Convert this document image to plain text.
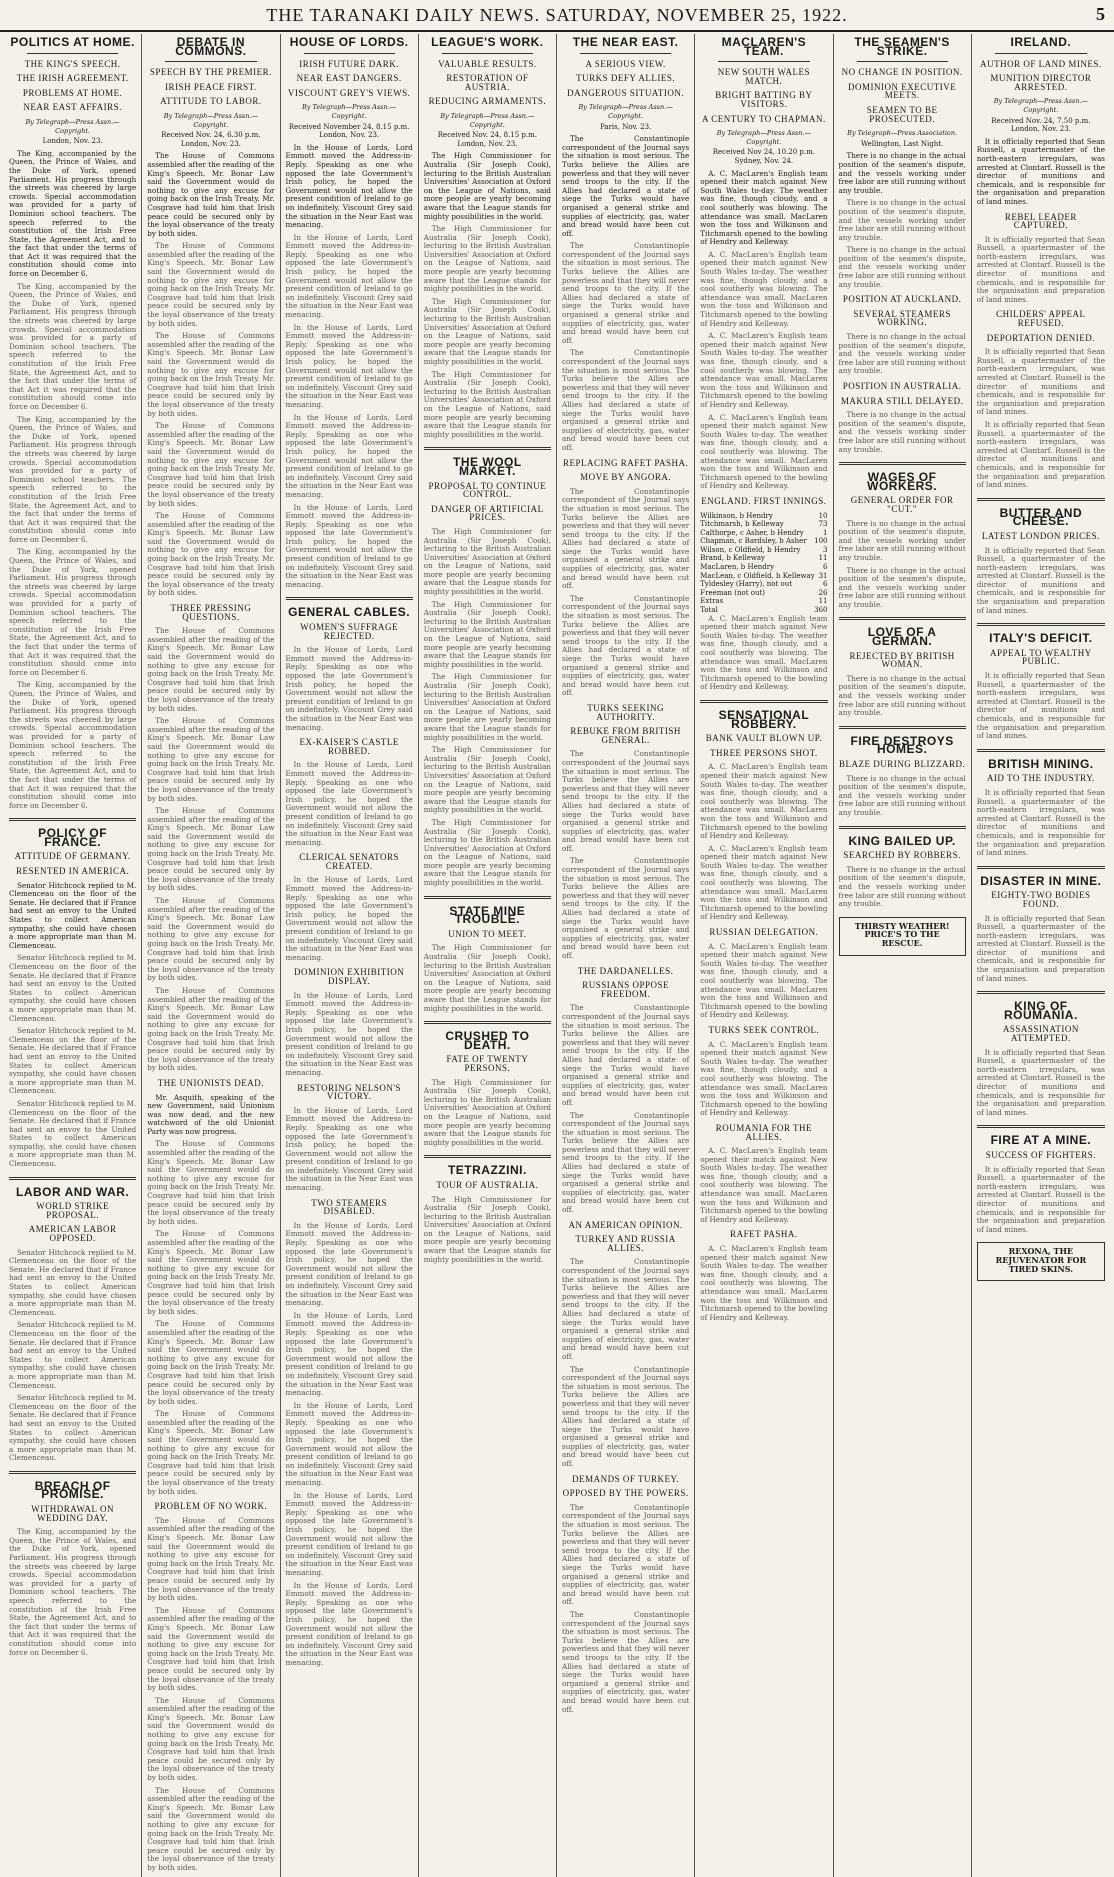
THE TARANAKI DAILY NEWS. SATURDAY, NOVEMBER 25, 1922.	5
POLITICS AT HOME.
THE KING'S SPEECH.
THE IRISH AGREEMENT.
PROBLEMS AT HOME.
NEAR EAST AFFAIRS.
By Telegraph—Press Assn.—Copyright.
London, Nov. 23.

The King, accompanied by the Queen, the Prince of Wales, and the Duke of York, opened Parliament. His progress through the streets was cheered by large crowds. Special accommodation was provided for a party of Dominion school teachers. The speech referred to the constitution of the Irish Free State, the Agreement Act, and to the fact that under the terms of that Act it was required that the constitution should come into force on December 6.

The King, accompanied by the Queen, the Prince of Wales, and the Duke of York, opened Parliament. His progress through the streets was cheered by large crowds. Special accommodation was provided for a party of Dominion school teachers. The speech referred to the constitution of the Irish Free State, the Agreement Act, and to the fact that under the terms of that Act it was required that the constitution should come into force on December 6.

The King, accompanied by the Queen, the Prince of Wales, and the Duke of York, opened Parliament. His progress through the streets was cheered by large crowds. Special accommodation was provided for a party of Dominion school teachers. The speech referred to the constitution of the Irish Free State, the Agreement Act, and to the fact that under the terms of that Act it was required that the constitution should come into force on December 6.

The King, accompanied by the Queen, the Prince of Wales, and the Duke of York, opened Parliament. His progress through the streets was cheered by large crowds. Special accommodation was provided for a party of Dominion school teachers. The speech referred to the constitution of the Irish Free State, the Agreement Act, and to the fact that under the terms of that Act it was required that the constitution should come into force on December 6.

The King, accompanied by the Queen, the Prince of Wales, and the Duke of York, opened Parliament. His progress through the streets was cheered by large crowds. Special accommodation was provided for a party of Dominion school teachers. The speech referred to the constitution of the Irish Free State, the Agreement Act, and to the fact that under the terms of that Act it was required that the constitution should come into force on December 6.

POLICY OF FRANCE.
ATTITUDE OF GERMANY.
RESENTED IN AMERICA.

Senator Hitchcock replied to M. Clemenceau on the floor of the Senate. He declared that if France had sent an envoy to the United States to collect American sympathy, she could have chosen a more appropriate man than M. Clemenceau.

Senator Hitchcock replied to M. Clemenceau on the floor of the Senate. He declared that if France had sent an envoy to the United States to collect American sympathy, she could have chosen a more appropriate man than M. Clemenceau.

Senator Hitchcock replied to M. Clemenceau on the floor of the Senate. He declared that if France had sent an envoy to the United States to collect American sympathy, she could have chosen a more appropriate man than M. Clemenceau.

Senator Hitchcock replied to M. Clemenceau on the floor of the Senate. He declared that if France had sent an envoy to the United States to collect American sympathy, she could have chosen a more appropriate man than M. Clemenceau.

LABOR AND WAR.
WORLD STRIKE PROPOSAL.
AMERICAN LABOR OPPOSED.

Senator Hitchcock replied to M. Clemenceau on the floor of the Senate. He declared that if France had sent an envoy to the United States to collect American sympathy, she could have chosen a more appropriate man than M. Clemenceau.

Senator Hitchcock replied to M. Clemenceau on the floor of the Senate. He declared that if France had sent an envoy to the United States to collect American sympathy, she could have chosen a more appropriate man than M. Clemenceau.

Senator Hitchcock replied to M. Clemenceau on the floor of the Senate. He declared that if France had sent an envoy to the United States to collect American sympathy, she could have chosen a more appropriate man than M. Clemenceau.

BREACH OF PROMISE.
WITHDRAWAL ON WEDDING DAY.

The King, accompanied by the Queen, the Prince of Wales, and the Duke of York, opened Parliament. His progress through the streets was cheered by large crowds. Special accommodation was provided for a party of Dominion school teachers. The speech referred to the constitution of the Irish Free State, the Agreement Act, and to the fact that under the terms of that Act it was required that the constitution should come into force on December 6.

DEBATE IN COMMONS.
SPEECH BY THE PREMIER.
IRISH PEACE FIRST.
ATTITUDE TO LABOR.
By Telegraph—Press Assn.—Copyright.
Received Nov. 24, 6.30 p.m. London, Nov. 23.

The House of Commons assembled after the reading of the King's Speech. Mr. Bonar Law said the Government would do nothing to give any excuse for going back on the Irish Treaty. Mr. Cosgrave had told him that Irish peace could be secured only by the loyal observance of the treaty by both sides.

The House of Commons assembled after the reading of the King's Speech. Mr. Bonar Law said the Government would do nothing to give any excuse for going back on the Irish Treaty. Mr. Cosgrave had told him that Irish peace could be secured only by the loyal observance of the treaty by both sides.

The House of Commons assembled after the reading of the King's Speech. Mr. Bonar Law said the Government would do nothing to give any excuse for going back on the Irish Treaty. Mr. Cosgrave had told him that Irish peace could be secured only by the loyal observance of the treaty by both sides.

The House of Commons assembled after the reading of the King's Speech. Mr. Bonar Law said the Government would do nothing to give any excuse for going back on the Irish Treaty. Mr. Cosgrave had told him that Irish peace could be secured only by the loyal observance of the treaty by both sides.

The House of Commons assembled after the reading of the King's Speech. Mr. Bonar Law said the Government would do nothing to give any excuse for going back on the Irish Treaty. Mr. Cosgrave had told him that Irish peace could be secured only by the loyal observance of the treaty by both sides.

THREE PRESSING QUESTIONS.

The House of Commons assembled after the reading of the King's Speech. Mr. Bonar Law said the Government would do nothing to give any excuse for going back on the Irish Treaty. Mr. Cosgrave had told him that Irish peace could be secured only by the loyal observance of the treaty by both sides.

The House of Commons assembled after the reading of the King's Speech. Mr. Bonar Law said the Government would do nothing to give any excuse for going back on the Irish Treaty. Mr. Cosgrave had told him that Irish peace could be secured only by the loyal observance of the treaty by both sides.

The House of Commons assembled after the reading of the King's Speech. Mr. Bonar Law said the Government would do nothing to give any excuse for going back on the Irish Treaty. Mr. Cosgrave had told him that Irish peace could be secured only by the loyal observance of the treaty by both sides.

The House of Commons assembled after the reading of the King's Speech. Mr. Bonar Law said the Government would do nothing to give any excuse for going back on the Irish Treaty. Mr. Cosgrave had told him that Irish peace could be secured only by the loyal observance of the treaty by both sides.

The House of Commons assembled after the reading of the King's Speech. Mr. Bonar Law said the Government would do nothing to give any excuse for going back on the Irish Treaty. Mr. Cosgrave had told him that Irish peace could be secured only by the loyal observance of the treaty by both sides.

THE UNIONISTS DEAD.

Mr. Asquith, speaking of the new Government, said Unionism was now dead, and the new watchword of the old Unionist Party was now progress.

The House of Commons assembled after the reading of the King's Speech. Mr. Bonar Law said the Government would do nothing to give any excuse for going back on the Irish Treaty. Mr. Cosgrave had told him that Irish peace could be secured only by the loyal observance of the treaty by both sides.

The House of Commons assembled after the reading of the King's Speech. Mr. Bonar Law said the Government would do nothing to give any excuse for going back on the Irish Treaty. Mr. Cosgrave had told him that Irish peace could be secured only by the loyal observance of the treaty by both sides.

The House of Commons assembled after the reading of the King's Speech. Mr. Bonar Law said the Government would do nothing to give any excuse for going back on the Irish Treaty. Mr. Cosgrave had told him that Irish peace could be secured only by the loyal observance of the treaty by both sides.

The House of Commons assembled after the reading of the King's Speech. Mr. Bonar Law said the Government would do nothing to give any excuse for going back on the Irish Treaty. Mr. Cosgrave had told him that Irish peace could be secured only by the loyal observance of the treaty by both sides.

PROBLEM OF NO WORK.

The House of Commons assembled after the reading of the King's Speech. Mr. Bonar Law said the Government would do nothing to give any excuse for going back on the Irish Treaty. Mr. Cosgrave had told him that Irish peace could be secured only by the loyal observance of the treaty by both sides.

The House of Commons assembled after the reading of the King's Speech. Mr. Bonar Law said the Government would do nothing to give any excuse for going back on the Irish Treaty. Mr. Cosgrave had told him that Irish peace could be secured only by the loyal observance of the treaty by both sides.

The House of Commons assembled after the reading of the King's Speech. Mr. Bonar Law said the Government would do nothing to give any excuse for going back on the Irish Treaty. Mr. Cosgrave had told him that Irish peace could be secured only by the loyal observance of the treaty by both sides.

The House of Commons assembled after the reading of the King's Speech. Mr. Bonar Law said the Government would do nothing to give any excuse for going back on the Irish Treaty. Mr. Cosgrave had told him that Irish peace could be secured only by the loyal observance of the treaty by both sides.

HOUSE OF LORDS.
IRISH FUTURE DARK.
NEAR EAST DANGERS.
VISCOUNT GREY'S VIEWS.
By Telegraph—Press Assn.—Copyright.
Received November 24, 8.15 p.m. London, Nov. 23.

In the House of Lords, Lord Emmott moved the Address-in-Reply. Speaking as one who opposed the late Government's Irish policy, he hoped the Government would not allow the present condition of Ireland to go on indefinitely. Viscount Grey said the situation in the Near East was menacing.

In the House of Lords, Lord Emmott moved the Address-in-Reply. Speaking as one who opposed the late Government's Irish policy, he hoped the Government would not allow the present condition of Ireland to go on indefinitely. Viscount Grey said the situation in the Near East was menacing.

In the House of Lords, Lord Emmott moved the Address-in-Reply. Speaking as one who opposed the late Government's Irish policy, he hoped the Government would not allow the present condition of Ireland to go on indefinitely. Viscount Grey said the situation in the Near East was menacing.

In the House of Lords, Lord Emmott moved the Address-in-Reply. Speaking as one who opposed the late Government's Irish policy, he hoped the Government would not allow the present condition of Ireland to go on indefinitely. Viscount Grey said the situation in the Near East was menacing.

In the House of Lords, Lord Emmott moved the Address-in-Reply. Speaking as one who opposed the late Government's Irish policy, he hoped the Government would not allow the present condition of Ireland to go on indefinitely. Viscount Grey said the situation in the Near East was menacing.

GENERAL CABLES.
WOMEN'S SUFFRAGE REJECTED.

In the House of Lords, Lord Emmott moved the Address-in-Reply. Speaking as one who opposed the late Government's Irish policy, he hoped the Government would not allow the present condition of Ireland to go on indefinitely. Viscount Grey said the situation in the Near East was menacing.

EX-KAISER'S CASTLE ROBBED.

In the House of Lords, Lord Emmott moved the Address-in-Reply. Speaking as one who opposed the late Government's Irish policy, he hoped the Government would not allow the present condition of Ireland to go on indefinitely. Viscount Grey said the situation in the Near East was menacing.

CLERICAL SENATORS CREATED.

In the House of Lords, Lord Emmott moved the Address-in-Reply. Speaking as one who opposed the late Government's Irish policy, he hoped the Government would not allow the present condition of Ireland to go on indefinitely. Viscount Grey said the situation in the Near East was menacing.

DOMINION EXHIBITION DISPLAY.

In the House of Lords, Lord Emmott moved the Address-in-Reply. Speaking as one who opposed the late Government's Irish policy, he hoped the Government would not allow the present condition of Ireland to go on indefinitely. Viscount Grey said the situation in the Near East was menacing.

RESTORING NELSON'S VICTORY.

In the House of Lords, Lord Emmott moved the Address-in-Reply. Speaking as one who opposed the late Government's Irish policy, he hoped the Government would not allow the present condition of Ireland to go on indefinitely. Viscount Grey said the situation in the Near East was menacing.

TWO STEAMERS DISABLED.

In the House of Lords, Lord Emmott moved the Address-in-Reply. Speaking as one who opposed the late Government's Irish policy, he hoped the Government would not allow the present condition of Ireland to go on indefinitely. Viscount Grey said the situation in the Near East was menacing.

In the House of Lords, Lord Emmott moved the Address-in-Reply. Speaking as one who opposed the late Government's Irish policy, he hoped the Government would not allow the present condition of Ireland to go on indefinitely. Viscount Grey said the situation in the Near East was menacing.

In the House of Lords, Lord Emmott moved the Address-in-Reply. Speaking as one who opposed the late Government's Irish policy, he hoped the Government would not allow the present condition of Ireland to go on indefinitely. Viscount Grey said the situation in the Near East was menacing.

In the House of Lords, Lord Emmott moved the Address-in-Reply. Speaking as one who opposed the late Government's Irish policy, he hoped the Government would not allow the present condition of Ireland to go on indefinitely. Viscount Grey said the situation in the Near East was menacing.

In the House of Lords, Lord Emmott moved the Address-in-Reply. Speaking as one who opposed the late Government's Irish policy, he hoped the Government would not allow the present condition of Ireland to go on indefinitely. Viscount Grey said the situation in the Near East was menacing.

LEAGUE'S WORK.
VALUABLE RESULTS.
RESTORATION OF AUSTRIA.
REDUCING ARMAMENTS.
By Telegraph—Press Assn.—Copyright.
Received Nov. 24, 8.15 p.m. London, Nov. 23.

The High Commissioner for Australia (Sir Joseph Cook), lecturing to the British Australian Universities' Association at Oxford on the League of Nations, said more people are yearly becoming aware that the League stands for mighty possibilities in the world.

The High Commissioner for Australia (Sir Joseph Cook), lecturing to the British Australian Universities' Association at Oxford on the League of Nations, said more people are yearly becoming aware that the League stands for mighty possibilities in the world.

The High Commissioner for Australia (Sir Joseph Cook), lecturing to the British Australian Universities' Association at Oxford on the League of Nations, said more people are yearly becoming aware that the League stands for mighty possibilities in the world.

The High Commissioner for Australia (Sir Joseph Cook), lecturing to the British Australian Universities' Association at Oxford on the League of Nations, said more people are yearly becoming aware that the League stands for mighty possibilities in the world.

THE WOOL MARKET.
PROPOSAL TO CONTINUE CONTROL.
DANGER OF ARTIFICIAL PRICES.

The High Commissioner for Australia (Sir Joseph Cook), lecturing to the British Australian Universities' Association at Oxford on the League of Nations, said more people are yearly becoming aware that the League stands for mighty possibilities in the world.

The High Commissioner for Australia (Sir Joseph Cook), lecturing to the British Australian Universities' Association at Oxford on the League of Nations, said more people are yearly becoming aware that the League stands for mighty possibilities in the world.

The High Commissioner for Australia (Sir Joseph Cook), lecturing to the British Australian Universities' Association at Oxford on the League of Nations, said more people are yearly becoming aware that the League stands for mighty possibilities in the world.

The High Commissioner for Australia (Sir Joseph Cook), lecturing to the British Australian Universities' Association at Oxford on the League of Nations, said more people are yearly becoming aware that the League stands for mighty possibilities in the world.

The High Commissioner for Australia (Sir Joseph Cook), lecturing to the British Australian Universities' Association at Oxford on the League of Nations, said more people are yearly becoming aware that the League stands for mighty possibilities in the world.

STATE MINE TROUBLE.
UNION TO MEET.

The High Commissioner for Australia (Sir Joseph Cook), lecturing to the British Australian Universities' Association at Oxford on the League of Nations, said more people are yearly becoming aware that the League stands for mighty possibilities in the world.

CRUSHED TO DEATH.
FATE OF TWENTY PERSONS.

The High Commissioner for Australia (Sir Joseph Cook), lecturing to the British Australian Universities' Association at Oxford on the League of Nations, said more people are yearly becoming aware that the League stands for mighty possibilities in the world.

TETRAZZINI.
TOUR OF AUSTRALIA.

The High Commissioner for Australia (Sir Joseph Cook), lecturing to the British Australian Universities' Association at Oxford on the League of Nations, said more people are yearly becoming aware that the League stands for mighty possibilities in the world.

THE NEAR EAST.
A SERIOUS VIEW.
TURKS DEFY ALLIES.
DANGEROUS SITUATION.
By Telegraph—Press Assn.—Copyright.
Paris, Nov. 23.

The Constantinople correspondent of the Journal says the situation is most serious. The Turks believe the Allies are powerless and that they will never send troops to the city. If the Allies had declared a state of siege the Turks would have organised a general strike and supplies of electricity, gas, water and bread would have been cut off.

The Constantinople correspondent of the Journal says the situation is most serious. The Turks believe the Allies are powerless and that they will never send troops to the city. If the Allies had declared a state of siege the Turks would have organised a general strike and supplies of electricity, gas, water and bread would have been cut off.

The Constantinople correspondent of the Journal says the situation is most serious. The Turks believe the Allies are powerless and that they will never send troops to the city. If the Allies had declared a state of siege the Turks would have organised a general strike and supplies of electricity, gas, water and bread would have been cut off.

REPLACING RAFET PASHA.
MOVE BY ANGORA.

The Constantinople correspondent of the Journal says the situation is most serious. The Turks believe the Allies are powerless and that they will never send troops to the city. If the Allies had declared a state of siege the Turks would have organised a general strike and supplies of electricity, gas, water and bread would have been cut off.

The Constantinople correspondent of the Journal says the situation is most serious. The Turks believe the Allies are powerless and that they will never send troops to the city. If the Allies had declared a state of siege the Turks would have organised a general strike and supplies of electricity, gas, water and bread would have been cut off.

TURKS SEEKING AUTHORITY.
REBUKE FROM BRITISH GENERAL.

The Constantinople correspondent of the Journal says the situation is most serious. The Turks believe the Allies are powerless and that they will never send troops to the city. If the Allies had declared a state of siege the Turks would have organised a general strike and supplies of electricity, gas, water and bread would have been cut off.

The Constantinople correspondent of the Journal says the situation is most serious. The Turks believe the Allies are powerless and that they will never send troops to the city. If the Allies had declared a state of siege the Turks would have organised a general strike and supplies of electricity, gas, water and bread would have been cut off.

THE DARDANELLES.
RUSSIANS OPPOSE FREEDOM.

The Constantinople correspondent of the Journal says the situation is most serious. The Turks believe the Allies are powerless and that they will never send troops to the city. If the Allies had declared a state of siege the Turks would have organised a general strike and supplies of electricity, gas, water and bread would have been cut off.

The Constantinople correspondent of the Journal says the situation is most serious. The Turks believe the Allies are powerless and that they will never send troops to the city. If the Allies had declared a state of siege the Turks would have organised a general strike and supplies of electricity, gas, water and bread would have been cut off.

AN AMERICAN OPINION.
TURKEY AND RUSSIA ALLIES.

The Constantinople correspondent of the Journal says the situation is most serious. The Turks believe the Allies are powerless and that they will never send troops to the city. If the Allies had declared a state of siege the Turks would have organised a general strike and supplies of electricity, gas, water and bread would have been cut off.

The Constantinople correspondent of the Journal says the situation is most serious. The Turks believe the Allies are powerless and that they will never send troops to the city. If the Allies had declared a state of siege the Turks would have organised a general strike and supplies of electricity, gas, water and bread would have been cut off.

DEMANDS OF TURKEY.
OPPOSED BY THE POWERS.

The Constantinople correspondent of the Journal says the situation is most serious. The Turks believe the Allies are powerless and that they will never send troops to the city. If the Allies had declared a state of siege the Turks would have organised a general strike and supplies of electricity, gas, water and bread would have been cut off.

The Constantinople correspondent of the Journal says the situation is most serious. The Turks believe the Allies are powerless and that they will never send troops to the city. If the Allies had declared a state of siege the Turks would have organised a general strike and supplies of electricity, gas, water and bread would have been cut off.

MACLAREN'S TEAM.
NEW SOUTH WALES MATCH.
BRIGHT BATTING BY VISITORS.
A CENTURY TO CHAPMAN.
By Telegraph—Press Assn.—Copyright.
Received Nov 24, 10.20 p.m. Sydney, Nov. 24.

A. C. MacLaren's English team opened their match against New South Wales to-day. The weather was fine, though cloudy, and a cool southerly was blowing. The attendance was small. MacLaren won the toss and Wilkinson and Titchmarsh opened to the bowling of Hendry and Kelleway.

A. C. MacLaren's English team opened their match against New South Wales to-day. The weather was fine, though cloudy, and a cool southerly was blowing. The attendance was small. MacLaren won the toss and Wilkinson and Titchmarsh opened to the bowling of Hendry and Kelleway.

A. C. MacLaren's English team opened their match against New South Wales to-day. The weather was fine, though cloudy, and a cool southerly was blowing. The attendance was small. MacLaren won the toss and Wilkinson and Titchmarsh opened to the bowling of Hendry and Kelleway.

A. C. MacLaren's English team opened their match against New South Wales to-day. The weather was fine, though cloudy, and a cool southerly was blowing. The attendance was small. MacLaren won the toss and Wilkinson and Titchmarsh opened to the bowling of Hendry and Kelleway.

ENGLAND. FIRST INNINGS.
Wilkinson, b Hendry	10
Titchmarsh, b Kelleway	73
Calthorpe, c Asher, b Hendry	1
Chapman, c Bardsley, b Asher 100
Wilson, c Oldfield, b Hendry	3
Brand, b Kelleway	11
MacLaren, b Hendry	6
MacLean, c Oldfield, b Kelleway 31
Tyldesley (Harry), not out	6
Freeman (not out)	26
Extras	11
Total	360

A. C. MacLaren's English team opened their match against New South Wales to-day. The weather was fine, though cloudy, and a cool southerly was blowing. The attendance was small. MacLaren won the toss and Wilkinson and Titchmarsh opened to the bowling of Hendry and Kelleway.

SENSATIONAL ROBBERY.
BANK VAULT BLOWN UP.
THREE PERSONS SHOT.

A. C. MacLaren's English team opened their match against New South Wales to-day. The weather was fine, though cloudy, and a cool southerly was blowing. The attendance was small. MacLaren won the toss and Wilkinson and Titchmarsh opened to the bowling of Hendry and Kelleway.

A. C. MacLaren's English team opened their match against New South Wales to-day. The weather was fine, though cloudy, and a cool southerly was blowing. The attendance was small. MacLaren won the toss and Wilkinson and Titchmarsh opened to the bowling of Hendry and Kelleway.

RUSSIAN DELEGATION.

A. C. MacLaren's English team opened their match against New South Wales to-day. The weather was fine, though cloudy, and a cool southerly was blowing. The attendance was small. MacLaren won the toss and Wilkinson and Titchmarsh opened to the bowling of Hendry and Kelleway.

TURKS SEEK CONTROL.

A. C. MacLaren's English team opened their match against New South Wales to-day. The weather was fine, though cloudy, and a cool southerly was blowing. The attendance was small. MacLaren won the toss and Wilkinson and Titchmarsh opened to the bowling of Hendry and Kelleway.

ROUMANIA FOR THE ALLIES.

A. C. MacLaren's English team opened their match against New South Wales to-day. The weather was fine, though cloudy, and a cool southerly was blowing. The attendance was small. MacLaren won the toss and Wilkinson and Titchmarsh opened to the bowling of Hendry and Kelleway.

RAFET PASHA.

A. C. MacLaren's English team opened their match against New South Wales to-day. The weather was fine, though cloudy, and a cool southerly was blowing. The attendance was small. MacLaren won the toss and Wilkinson and Titchmarsh opened to the bowling of Hendry and Kelleway.

THE SEAMEN'S STRIKE.
NO CHANGE IN POSITION.
DOMINION EXECUTIVE MEETS.
SEAMEN TO BE PROSECUTED.
By Telegraph—Press Association.
Wellington, Last Night.

There is no change in the actual position of the seamen's dispute, and the vessels working under free labor are still running without any trouble.

There is no change in the actual position of the seamen's dispute, and the vessels working under free labor are still running without any trouble.

There is no change in the actual position of the seamen's dispute, and the vessels working under free labor are still running without any trouble.

POSITION AT AUCKLAND.
SEVERAL STEAMERS WORKING.

There is no change in the actual position of the seamen's dispute, and the vessels working under free labor are still running without any trouble.

POSITION IN AUSTRALIA.
MAKURA STILL DELAYED.

There is no change in the actual position of the seamen's dispute, and the vessels working under free labor are still running without any trouble.

WAGES OF WORKERS.
GENERAL ORDER FOR "CUT."

There is no change in the actual position of the seamen's dispute, and the vessels working under free labor are still running without any trouble.

There is no change in the actual position of the seamen's dispute, and the vessels working under free labor are still running without any trouble.

LOVE OF A GERMAN.
REJECTED BY BRITISH WOMAN.

There is no change in the actual position of the seamen's dispute, and the vessels working under free labor are still running without any trouble.

FIRE DESTROYS HOMES.
BLAZE DURING BLIZZARD.

There is no change in the actual position of the seamen's dispute, and the vessels working under free labor are still running without any trouble.

KING BAILED UP.
SEARCHED BY ROBBERS.

There is no change in the actual position of the seamen's dispute, and the vessels working under free labor are still running without any trouble.

THIRSTY WEATHER! PRICE'S TO THE RESCUE.
IRELAND.
AUTHOR OF LAND MINES.
MUNITION DIRECTOR ARRESTED.
By Telegraph—Press Assn.—Copyright.
Received Nov. 24, 7.50 p.m. London, Nov. 23.

It is officially reported that Sean Russell, a quartermaster of the north-eastern irregulars, was arrested at Clontarf. Russell is the director of munitions and chemicals, and is responsible for the organisation and preparation of land mines.

REBEL LEADER CAPTURED.

It is officially reported that Sean Russell, a quartermaster of the north-eastern irregulars, was arrested at Clontarf. Russell is the director of munitions and chemicals, and is responsible for the organisation and preparation of land mines.

CHILDERS' APPEAL REFUSED.
DEPORTATION DENIED.

It is officially reported that Sean Russell, a quartermaster of the north-eastern irregulars, was arrested at Clontarf. Russell is the director of munitions and chemicals, and is responsible for the organisation and preparation of land mines.

It is officially reported that Sean Russell, a quartermaster of the north-eastern irregulars, was arrested at Clontarf. Russell is the director of munitions and chemicals, and is responsible for the organisation and preparation of land mines.

BUTTER AND CHEESE.
LATEST LONDON PRICES.

It is officially reported that Sean Russell, a quartermaster of the north-eastern irregulars, was arrested at Clontarf. Russell is the director of munitions and chemicals, and is responsible for the organisation and preparation of land mines.

ITALY'S DEFICIT.
APPEAL TO WEALTHY PUBLIC.

It is officially reported that Sean Russell, a quartermaster of the north-eastern irregulars, was arrested at Clontarf. Russell is the director of munitions and chemicals, and is responsible for the organisation and preparation of land mines.

BRITISH MINING.
AID TO THE INDUSTRY.

It is officially reported that Sean Russell, a quartermaster of the north-eastern irregulars, was arrested at Clontarf. Russell is the director of munitions and chemicals, and is responsible for the organisation and preparation of land mines.

DISASTER IN MINE.
EIGHTY-TWO BODIES FOUND.

It is officially reported that Sean Russell, a quartermaster of the north-eastern irregulars, was arrested at Clontarf. Russell is the director of munitions and chemicals, and is responsible for the organisation and preparation of land mines.

KING OF ROUMANIA.
ASSASSINATION ATTEMPTED.

It is officially reported that Sean Russell, a quartermaster of the north-eastern irregulars, was arrested at Clontarf. Russell is the director of munitions and chemicals, and is responsible for the organisation and preparation of land mines.

FIRE AT A MINE.
SUCCESS OF FIGHTERS.

It is officially reported that Sean Russell, a quartermaster of the north-eastern irregulars, was arrested at Clontarf. Russell is the director of munitions and chemicals, and is responsible for the organisation and preparation of land mines.

REXONA, THE REJUVENATOR FOR TIRED SKINS.
